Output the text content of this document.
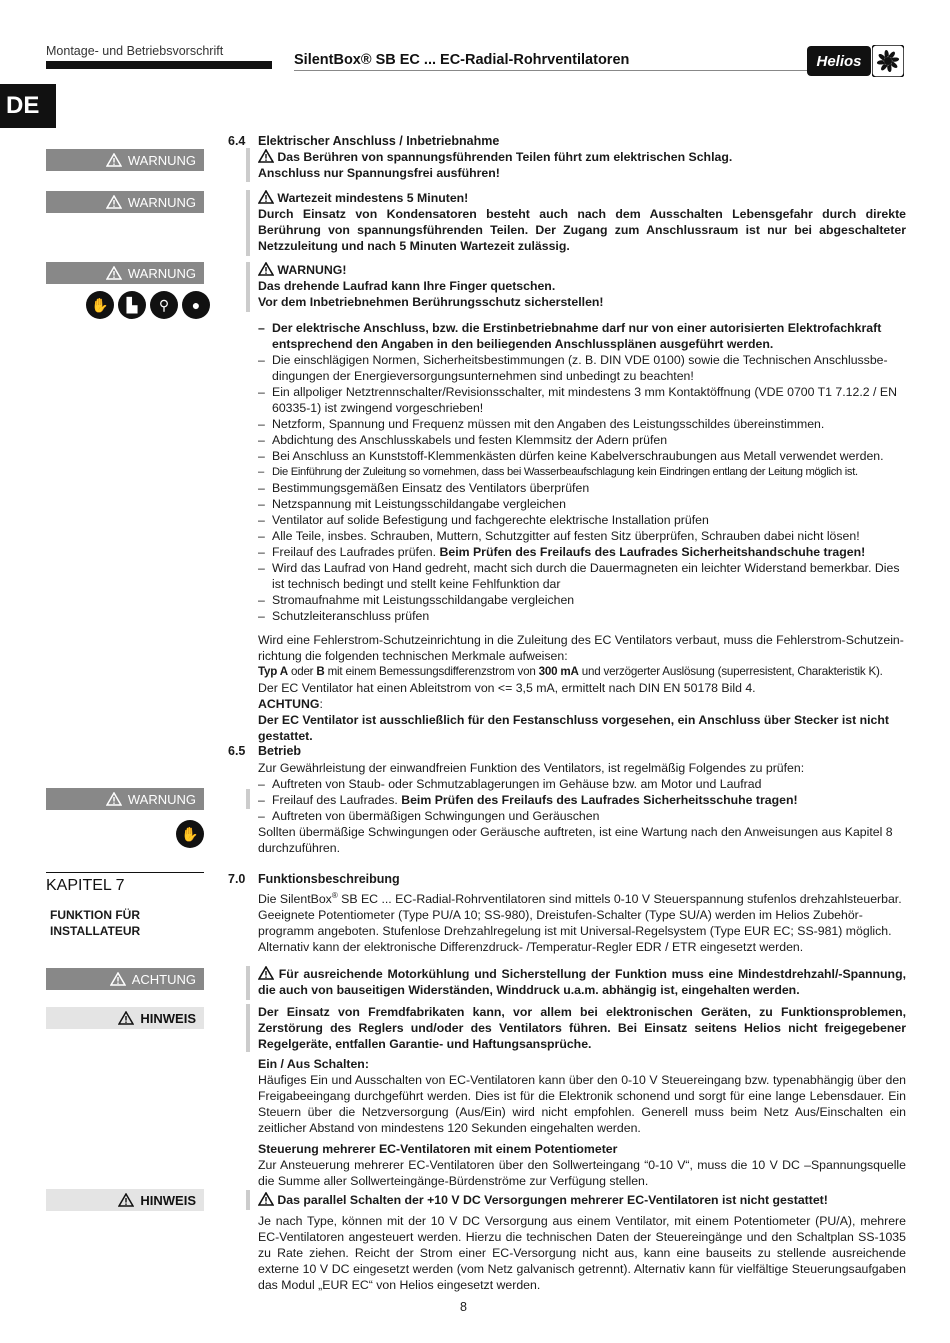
Montage- und Betriebsvorschrift
SilentBox® SB EC ... EC-Radial-Rohrventilatoren	Helios
DE
WARNUNG
WARNUNG
WARNUNG
✋	▙	⚲	●
WARNUNG
✋
KAPITEL 7
FUNKTION FÜR
INSTALLATEUR
ACHTUNG
HINWEIS
HINWEIS
6.4 Elektrischer Anschluss / Inbetriebnahme
Das Berühren von spannungsführenden Teilen führt zum elektrischen Schlag.
Anschluss nur Spannungsfrei ausführen!
Wartezeit mindestens 5 Minuten!
Durch Einsatz von Kondensatoren besteht auch nach dem Ausschalten Lebensgefahr durch direkte Berührung von spannungsführenden Teilen. Der Zugang zum Anschlussraum ist nur bei abgeschalteter Netzzuleitung und nach 5 Minuten Wartezeit zulässig.
WARNUNG!
Das drehende Laufrad kann Ihre Finger quetschen.
Vor dem Inbetriebnehmen Berührungsschutz sicherstellen!
– Der elektrische Anschluss, bzw. die Erstinbetriebnahme darf nur von einer autorisierten Elektrofachkraft entsprechend den Angaben in den beiliegenden Anschlussplänen ausgeführt werden.
– Die einschlägigen Normen, Sicherheitsbestimmungen (z. B. DIN VDE 0100) sowie die Technischen Anschlussbe-dingungen der Energieversorgungsunternehmen sind unbedingt zu beachten!
– Ein allpoliger Netztrennschalter/Revisionsschalter, mit mindestens 3 mm Kontaktöffnung (VDE 0700 T1 7.12.2 / EN 60335-1) ist zwingend vorgeschrieben!
– Netzform, Spannung und Frequenz müssen mit den Angaben des Leistungsschildes übereinstimmen.
– Abdichtung des Anschlusskabels und festen Klemmsitz der Adern prüfen
– Bei Anschluss an Kunststoff-Klemmenkästen dürfen keine Kabelverschraubungen aus Metall verwendet werden.
– Die Einführung der Zuleitung so vornehmen, dass bei Wasserbeaufschlagung kein Eindringen entlang der Leitung möglich ist.
– Bestimmungsgemäßen Einsatz des Ventilators überprüfen
– Netzspannung mit Leistungsschildangabe vergleichen
– Ventilator auf solide Befestigung und fachgerechte elektrische Installation prüfen
– Alle Teile, insbes. Schrauben, Muttern, Schutzgitter auf festen Sitz überprüfen, Schrauben dabei nicht lösen!
– Freilauf des Laufrades prüfen. Beim Prüfen des Freilaufs des Laufrades Sicherheitshandschuhe tragen!
– Wird das Laufrad von Hand gedreht, macht sich durch die Dauermagneten ein leichter Widerstand bemerkbar. Dies ist technisch bedingt und stellt keine Fehlfunktion dar
– Stromaufnahme mit Leistungsschildangabe vergleichen
– Schutzleiteranschluss prüfen
Wird eine Fehlerstrom-Schutzeinrichtung in die Zuleitung des EC Ventilators verbaut, muss die Fehlerstrom-Schutzein-richtung die folgenden technischen Merkmale aufweisen:
Typ A oder B mit einem Bemessungsdifferenzstrom von 300 mA und verzögerter Auslösung (superresistent, Charakteristik K).
Der EC Ventilator hat einen Ableitstrom von <= 3,5 mA, ermittelt nach DIN EN 50178 Bild 4.
ACHTUNG:
Der EC Ventilator ist ausschließlich für den Festanschluss vorgesehen, ein Anschluss über Stecker ist nicht gestattet.
6.5 Betrieb
Zur Gewährleistung der einwandfreien Funktion des Ventilators, ist regelmäßig Folgendes zu prüfen:
– Auftreten von Staub- oder Schmutzablagerungen im Gehäuse bzw. am Motor und Laufrad
– Freilauf des Laufrades. Beim Prüfen des Freilaufs des Laufrades Sicherheitsschuhe tragen!
– Auftreten von übermäßigen Schwingungen und Geräuschen
Sollten übermäßige Schwingungen oder Geräusche auftreten, ist eine Wartung nach den Anweisungen aus Kapitel 8 durchzuführen.
7.0 Funktionsbeschreibung
Die SilentBox® SB EC ... EC-Radial-Rohrventilatoren sind mittels 0-10 V Steuerspannung stufenlos drehzahlsteuerbar. Geeignete Potentiometer (Type PU/A 10; SS-980), Dreistufen-Schalter (Type SU/A) werden im Helios Zubehör-programm angeboten. Stufenlose Drehzahlregelung ist mit Universal-Regelsystem (Type EUR EC; SS-981) möglich. Alternativ kann der elektronische Differenzdruck- /Temperatur-Regler EDR / ETR eingesetzt werden.
Für ausreichende Motorkühlung und Sicherstellung der Funktion muss eine Mindestdrehzahl/-Spannung, die auch von bauseitigen Widerständen, Winddruck u.a.m. abhängig ist, eingehalten werden.
Der Einsatz von Fremdfabrikaten kann, vor allem bei elektronischen Geräten, zu Funktionsproblemen, Zerstörung des Reglers und/oder des Ventilators führen. Bei Einsatz seitens Helios nicht freigegebener Regelgeräte, entfallen Garantie- und Haftungsansprüche.
Ein / Aus Schalten:
Häufiges Ein und Ausschalten von EC-Ventilatoren kann über den 0-10 V Steuereingang bzw. typenabhängig über den Freigabeeingang durchgeführt werden. Dies ist für die Elektronik schonend und sorgt für eine lange Lebensdauer. Ein Steuern über die Netzversorgung (Aus/Ein) wird nicht empfohlen. Generell muss beim Netz Aus/Einschalten ein zeitlicher Abstand von mindestens 120 Sekunden eingehalten werden.
Steuerung mehrerer EC-Ventilatoren mit einem Potentiometer
Zur Ansteuerung mehrerer EC-Ventilatoren über den Sollwerteingang “0-10 V“, muss die 10 V DC –Spannungsquelle die Summe aller Sollwerteingänge-Bürdenströme zur Verfügung stellen.
Das parallel Schalten der +10 V DC Versorgungen mehrerer EC-Ventilatoren ist nicht gestattet!
Je nach Type, können mit der 10 V DC Versorgung aus einem Ventilator, mit einem Potentiometer (PU/A), mehrere EC-Ventilatoren angesteuert werden. Hierzu die technischen Daten der Steuereingänge und den Schaltplan SS-1035 zu Rate ziehen. Reicht der Strom einer EC-Versorgung nicht aus, kann eine bauseits zu stellende ausreichende externe 10 V DC eingesetzt werden (vom Netz galvanisch getrennt). Alternativ kann für vielfältige Steuerungsaufgaben das Modul „EUR EC“ von Helios eingesetzt werden.
8
